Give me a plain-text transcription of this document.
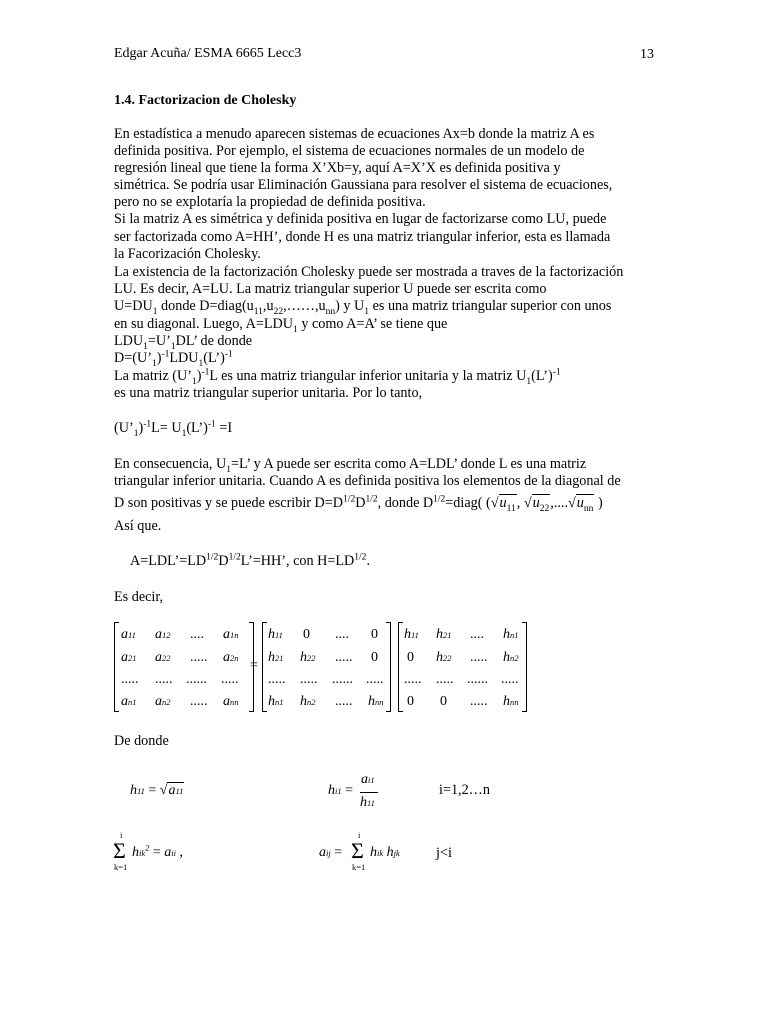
Edgar Acuña/ ESMA 6665 Lecc3	13
1.4. Factorizacion de Cholesky
En estadística a menudo aparecen sistemas de ecuaciones Ax=b donde la matriz A es
definida positiva. Por ejemplo, el sistema de ecuaciones normales de un modelo de
regresión lineal que tiene la forma X’Xb=y, aquí A=X’X es definida positiva y
simétrica. Se podría usar Eliminación Gaussiana para resolver el sistema de ecuaciones,
pero no se explotaría la propiedad de definida positiva.
Si la matriz A es simétrica y definida positiva en lugar de factorizarse como LU, puede
ser factorizada como A=HH’, donde H es una matriz triangular inferior, esta es llamada
la Facorización Cholesky.
La existencia de la factorización Cholesky puede ser mostrada a traves de la factorización
LU. Es decir, A=LU. La matriz triangular superior U puede ser escrita como
$U=DU_1$ donde $D=diag(u_{11},u_{22},\dots\dots,u_{nn})$ y $U_1$ es una matriz triangular superior con unos
en su diagonal. Luego, $A=LDU_1$ y como A=A’ se tiene que
$LDU_1=U’_1DL$’ de donde
$D=(U’_1)^{-1}LDU_1(L’)^{-1}$
La matriz $(U’_1)^{-1}L$ es una matriz triangular inferior unitaria y la matriz $U_1(L’)^{-1}$
es una matriz triangular superior unitaria. Por lo tanto,
$(U’_1)^{-1}L=$ $U_1(L’)^{-1} =I$
En consecuencia, $U_1=L$’ y A puede ser escrita como A=LDL’ donde L es una matriz
triangular inferior unitaria. Cuando A es definida positiva los elementos de la diagonal de
D son positivas y se puede escribir $D=D^{1/2}D^{1/2}$, donde $D^{1/2}=diag$( ($√u_{11}$, $√u_{22},....√u_{nn}$ )
Así que.
$A=LDL’=LD^{1/2}D^{1/2}L’=HH$’, con $H=LD^{1/2}$.
Es decir,
a11 a12 .... a1n
a21 a22 ..... a2n
..... ..... ...... .....
an1 an2 ..... ann
=
h11 0 .... 0
h21 h22 ..... 0
..... ..... ...... .....
hn1 hn2 ..... hnn
h11 h21 .... hn1
0 h22 ..... hn2
..... ..... ...... .....
0 0 ..... hnn
De donde
h11 = √a11	hi1 =
ai1
h11
i=1,2…n
i
Σ
k=1
hik$^2$ = aii ,	aij =
i
Σ
k=1
hik hjk	j<i
